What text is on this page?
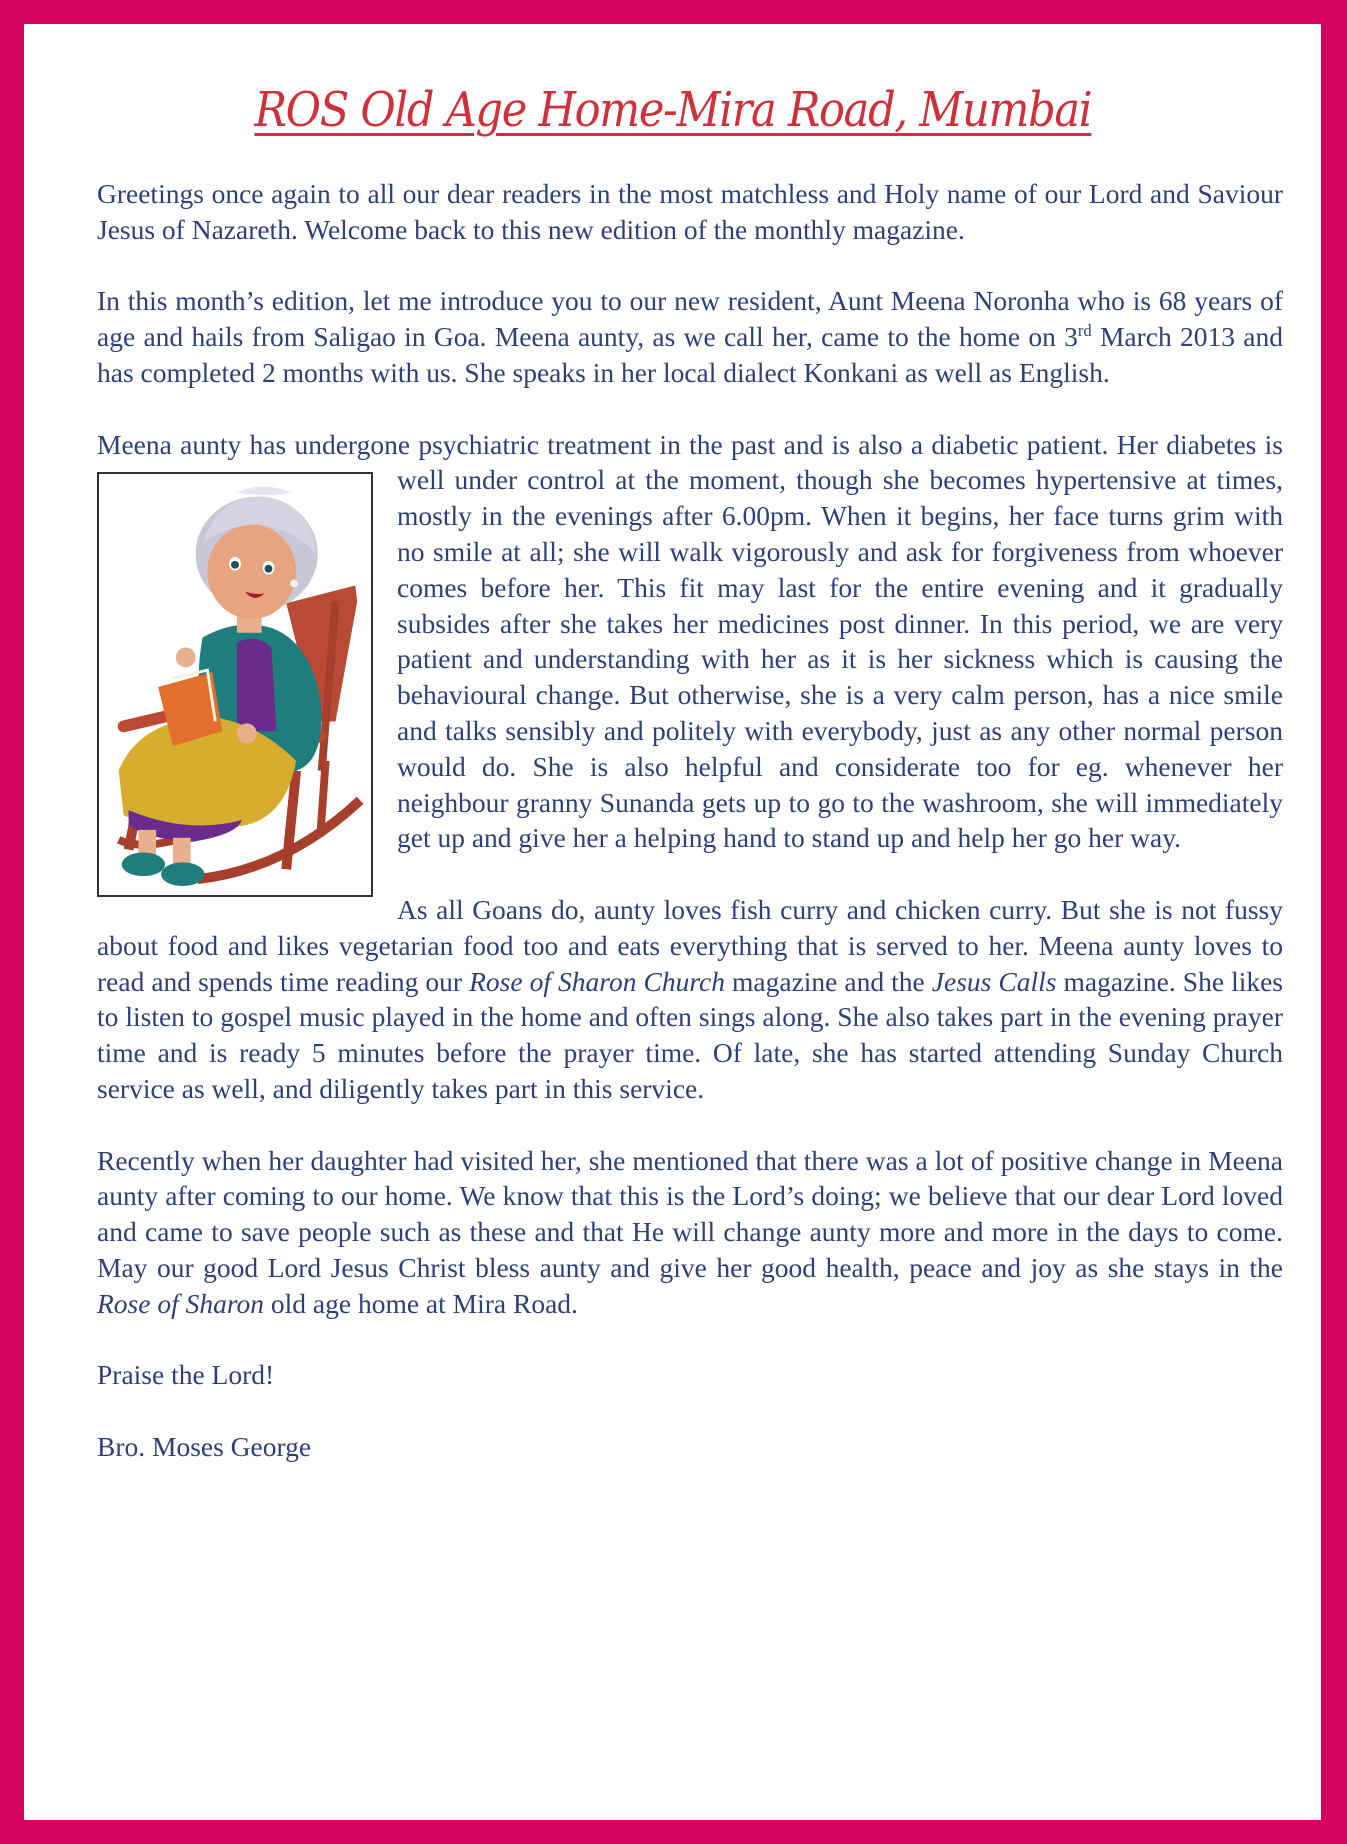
ROS Old Age Home-Mira Road, Mumbai

Greetings once again to all our dear readers in the most matchless and Holy name of our Lord and Saviour Jesus of Nazareth. Welcome back to this new edition of the monthly magazine.

In this month’s edition, let me introduce you to our new resident, Aunt Meena Noronha who is 68 years of age and hails from Saligao in Goa. Meena aunty, as we call her, came to the home on 3rd March 2013 and has completed 2 months with us. She speaks in her local dialect Konkani as well as English.

Meena aunty has undergone psychiatric treatment in the past and is also a diabetic patient. Her diabetes is well under control at the moment, though she becomes hypertensive at times, mostly in the evenings after 6.00pm. When it begins, her face turns grim with no smile at all; she will walk vigorously and ask for forgiveness from whoever comes before her. This fit may last for the entire evening and it gradually subsides after she takes her medicines post dinner. In this period, we are very patient and understanding with her as it is her sickness which is causing the behavioural change. But otherwise, she is a very calm person, has a nice smile and talks sensibly and politely with everybody, just as any other normal person would do. She is also helpful and considerate too for eg. whenever her neighbour granny Sunanda gets up to go to the washroom, she will immediately get up and give her a helping hand to stand up and help her go her way.

As all Goans do, aunty loves fish curry and chicken curry. But she is not fussy about food and likes vegetarian food too and eats everything that is served to her. Meena aunty loves to read and spends time reading our Rose of Sharon Church magazine and the Jesus Calls magazine. She likes to listen to gospel music played in the home and often sings along. She also takes part in the evening prayer time and is ready 5 minutes before the prayer time. Of late, she has started attending Sunday Church service as well, and diligently takes part in this service.

Recently when her daughter had visited her, she mentioned that there was a lot of positive change in Meena aunty after coming to our home. We know that this is the Lord’s doing; we believe that our dear Lord loved and came to save people such as these and that He will change aunty more and more in the days to come. May our good Lord Jesus Christ bless aunty and give her good health, peace and joy as she stays in the Rose of Sharon old age home at Mira Road.

Praise the Lord!

Bro. Moses George
